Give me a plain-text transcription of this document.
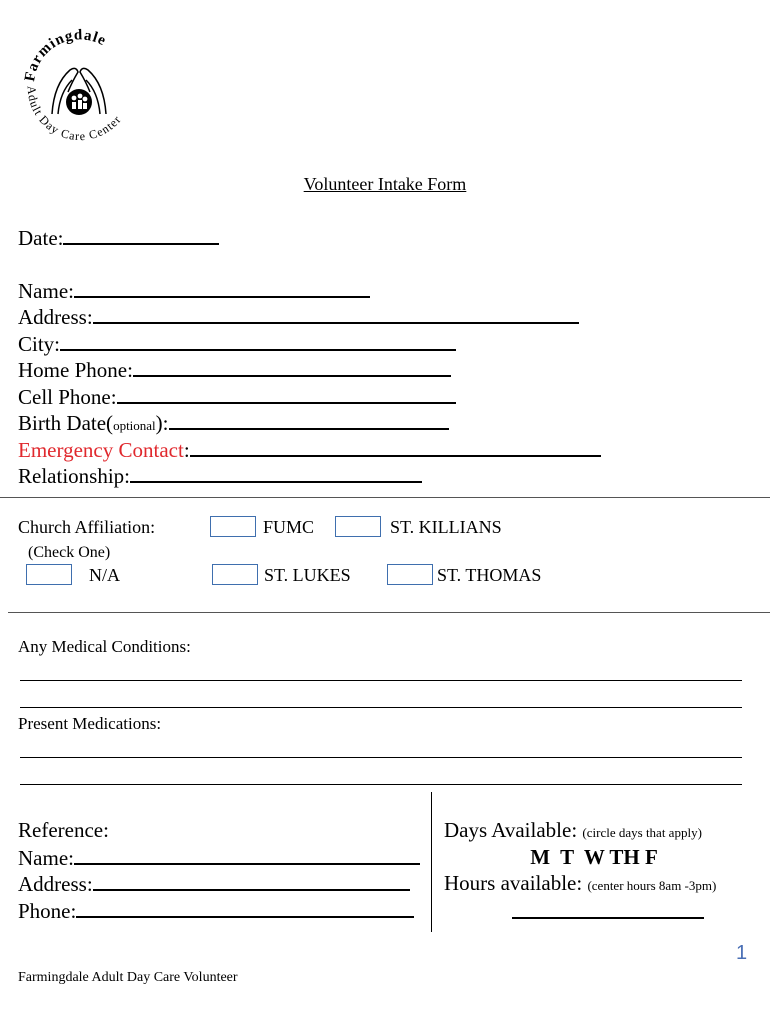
Farmingdale
Adult Day Care Center
Volunteer Intake Form
Date:
Name:
Address:
City:
Home Phone:
Cell Phone:
Birth Date(optional):
Emergency Contact:
Relationship:
Church Affiliation:
(Check One)
FUMC	ST. KILLIANS
N/A	ST. LUKES	ST. THOMAS
Any Medical Conditions:
Present Medications:
Reference:
Name:
Address:
Phone:
Days Available: (circle days that apply)
M  T  W TH F
Hours available: (center hours 8am -3pm)
1
Farmingdale Adult Day Care Volunteer
